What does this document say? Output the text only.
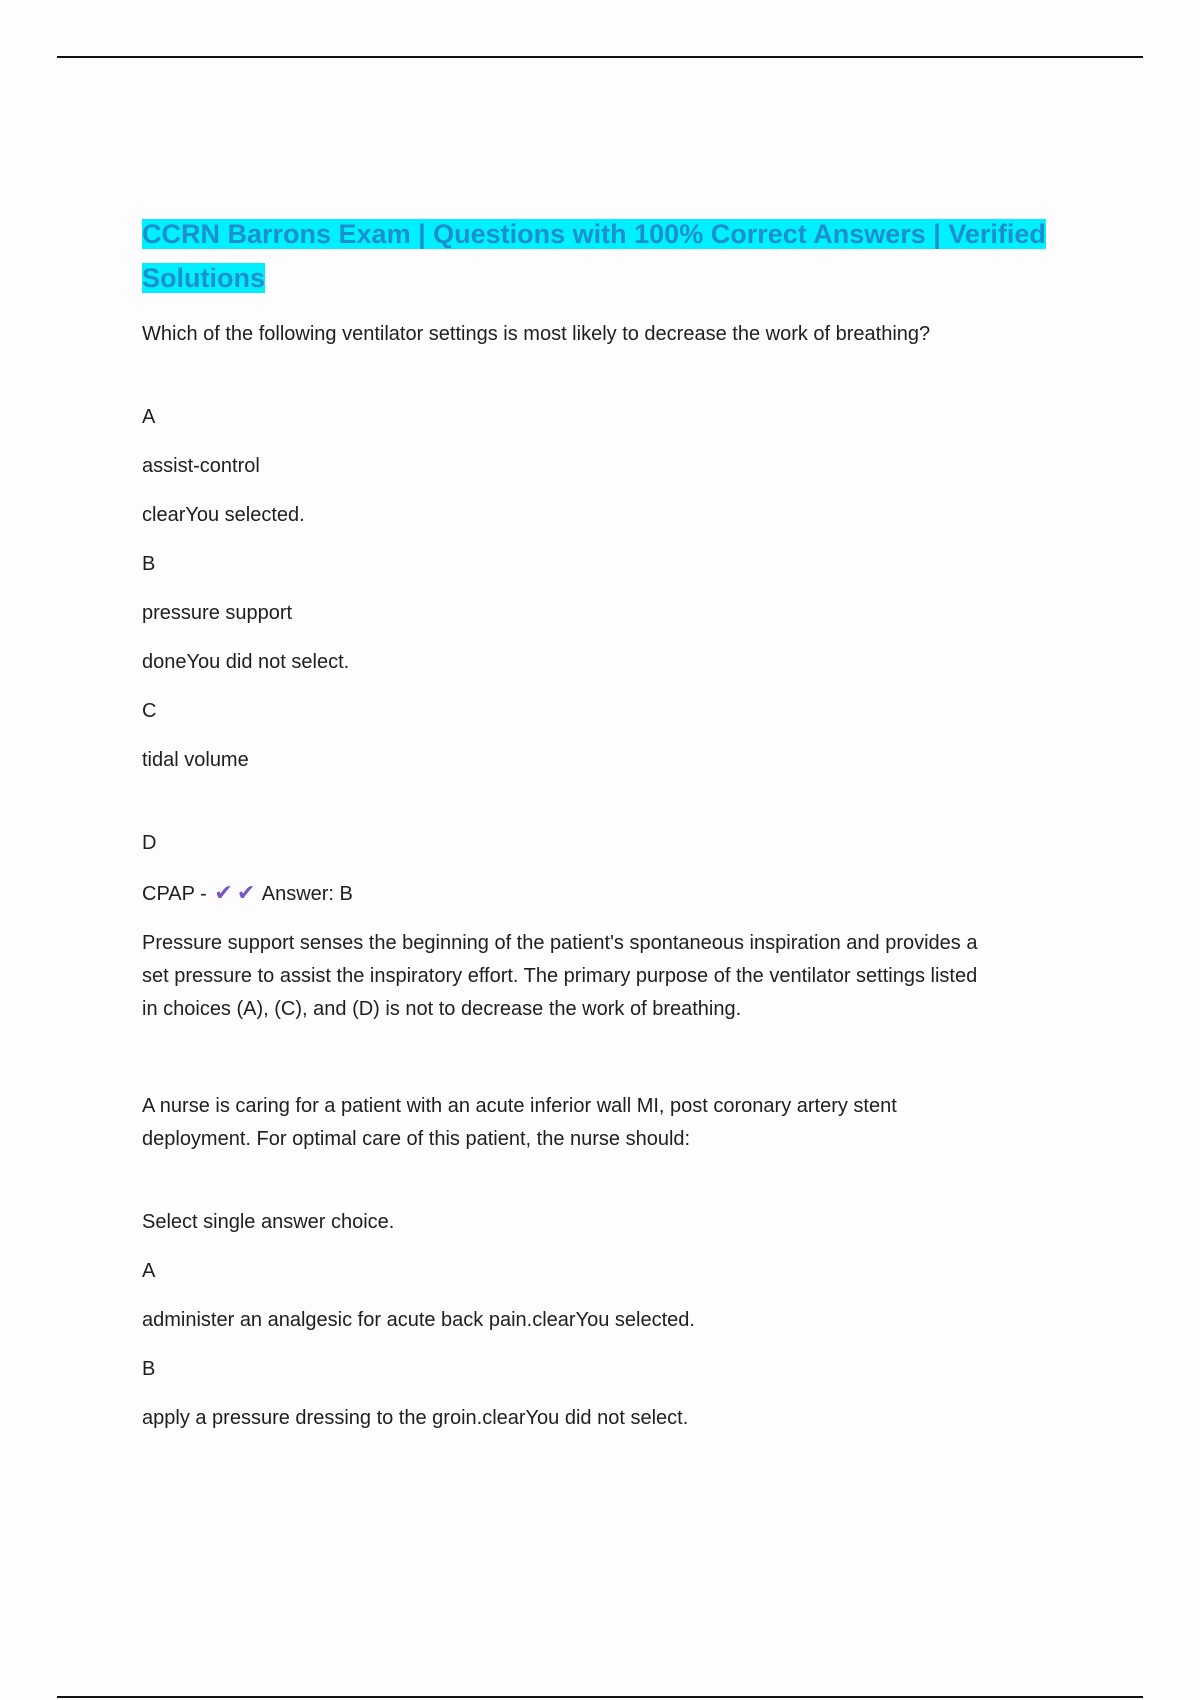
CCRN Barrons Exam | Questions with 100% Correct Answers | Verified
Solutions

Which of the following ventilator settings is most likely to decrease the work of breathing?

A

assist-control

clearYou selected.

B

pressure support

doneYou did not select.

C

tidal volume

D

CPAP - ✔ ✔ Answer: B

Pressure support senses the beginning of the patient's spontaneous inspiration and provides a

set pressure to assist the inspiratory effort. The primary purpose of the ventilator settings listed

in choices (A), (C), and (D) is not to decrease the work of breathing.

A nurse is caring for a patient with an acute inferior wall MI, post coronary artery stent

deployment. For optimal care of this patient, the nurse should:

Select single answer choice.

A

administer an analgesic for acute back pain.clearYou selected.

B

apply a pressure dressing to the groin.clearYou did not select.
